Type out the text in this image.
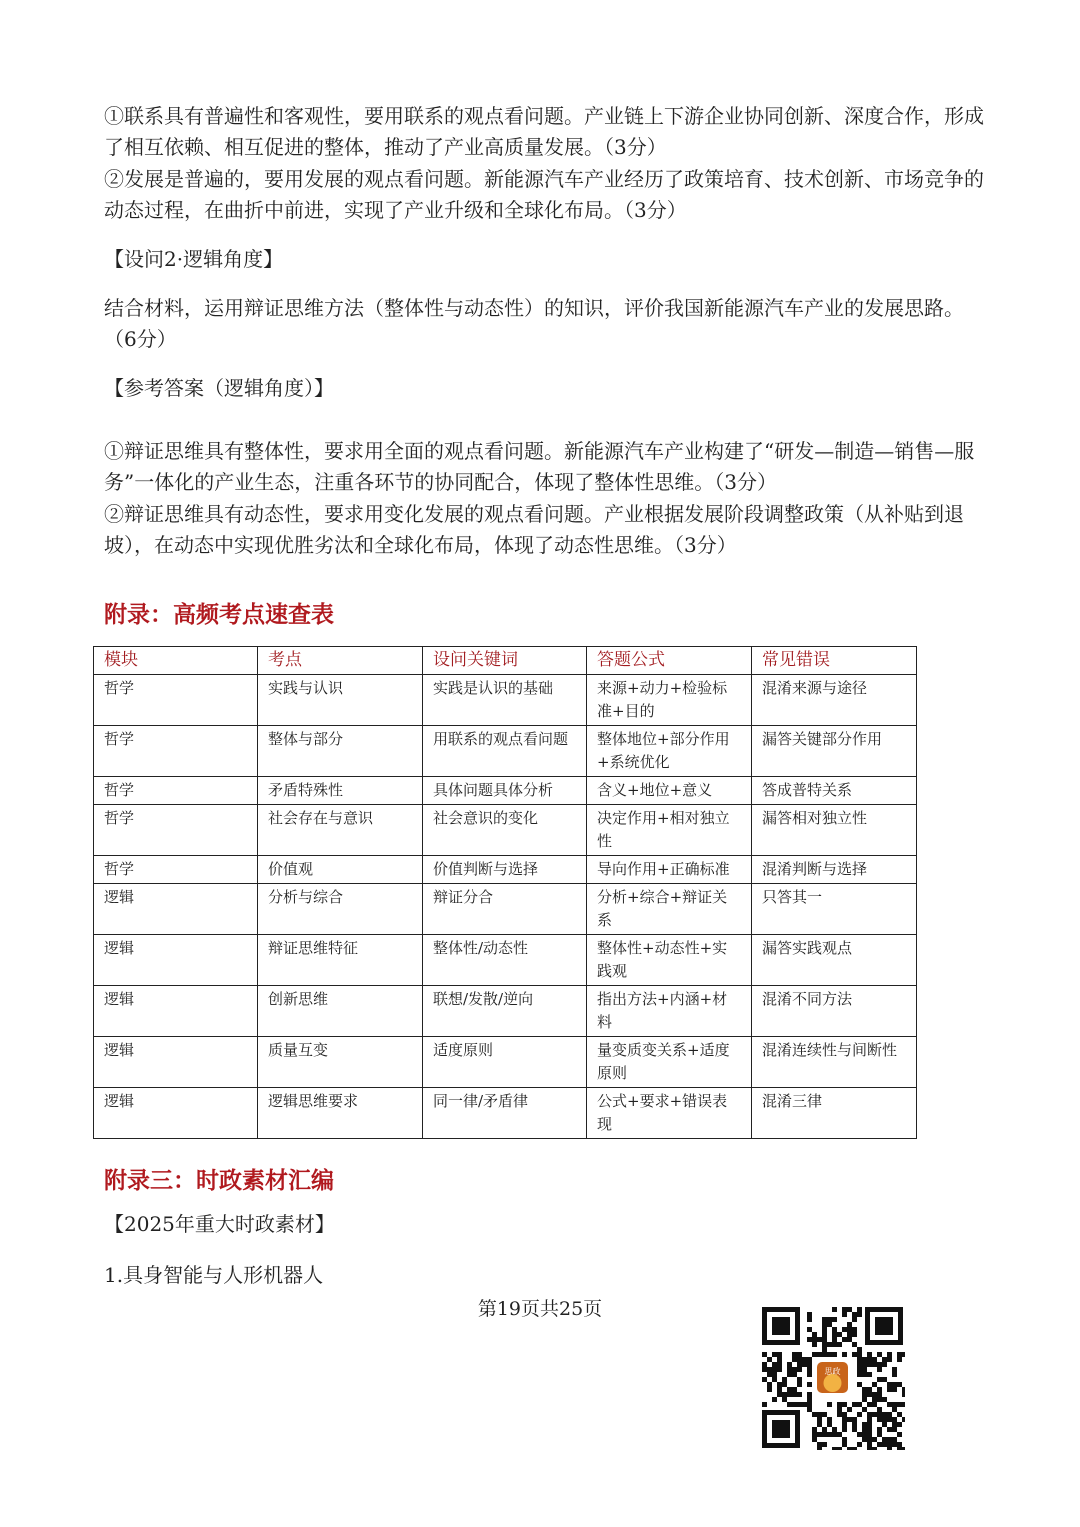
①联系具有普遍性和客观性，要用联系的观点看问题。产业链上下游企业协同创新、深度合作，形成了相互依赖、相互促进的整体，推动了产业高质量发展。（3分）

②发展是普遍的，要用发展的观点看问题。新能源汽车产业经历了政策培育、技术创新、市场竞争的动态过程，在曲折中前进，实现了产业升级和全球化布局。（3分）

【设问2·逻辑角度】

结合材料，运用辩证思维方法（整体性与动态性）的知识，评价我国新能源汽车产业的发展思路。（6分）

【参考答案（逻辑角度）】

①辩证思维具有整体性，要求用全面的观点看问题。新能源汽车产业构建了“研发—制造—销售—服务”一体化的产业生态，注重各环节的协同配合，体现了整体性思维。（3分）

②辩证思维具有动态性，要求用变化发展的观点看问题。产业根据发展阶段调整政策（从补贴到退坡），在动态中实现优胜劣汰和全球化布局，体现了动态性思维。（3分）

附录：高频考点速查表
模块	考点	设问关键词	答题公式	常见错误
哲学	实践与认识	实践是认识的基础	来源+动力+检验标准+目的	混淆来源与途径
哲学	整体与部分	用联系的观点看问题	整体地位+部分作用+系统优化	漏答关键部分作用
哲学	矛盾特殊性	具体问题具体分析	含义+地位+意义	答成普特关系
哲学	社会存在与意识	社会意识的变化	决定作用+相对独立性	漏答相对独立性
哲学	价值观	价值判断与选择	导向作用+正确标准	混淆判断与选择
逻辑	分析与综合	辩证分合	分析+综合+辩证关系	只答其一
逻辑	辩证思维特征	整体性/动态性	整体性+动态性+实践观	漏答实践观点
逻辑	创新思维	联想/发散/逆向	指出方法+内涵+材料	混淆不同方法
逻辑	质量互变	适度原则	量变质变关系+适度原则	混淆连续性与间断性
逻辑	逻辑思维要求	同一律/矛盾律	公式+要求+错误表现	混淆三律
附录三：时政素材汇编

【2025年重大时政素材】

1.具身智能与人形机器人

第19页共25页
思政
